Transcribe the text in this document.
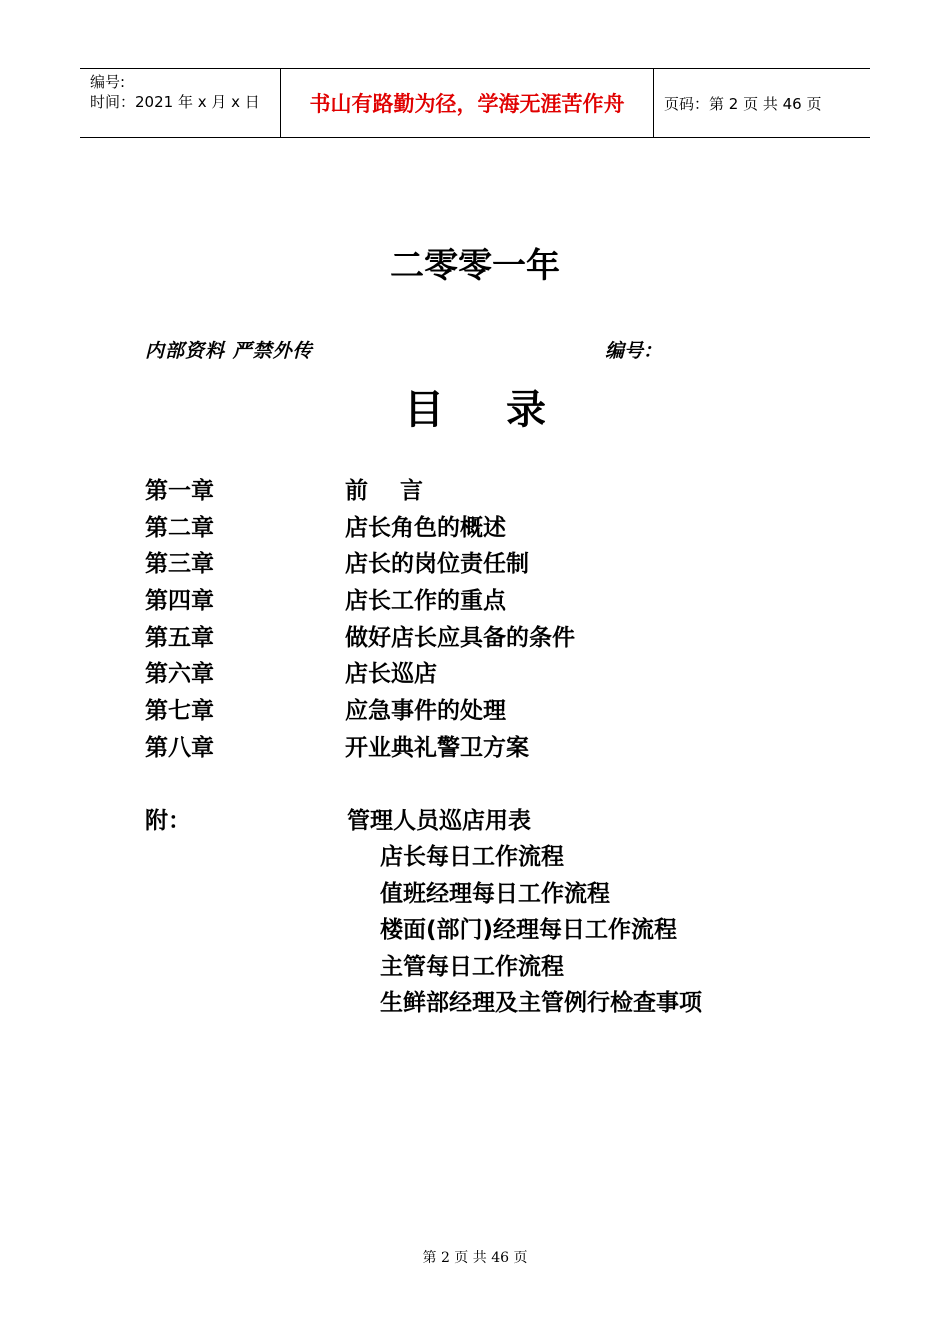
编号:
时间：2021 年 x 月 x 日	书山有路勤为径，学海无涯苦作舟	页码：第 2 页 共 46 页
二零零一年
内部资料 严禁外传	编号：
目录
第一章	前    言
第二章	店长角色的概述
第三章	店长的岗位责任制
第四章	店长工作的重点
第五章	做好店长应具备的条件
第六章	店长巡店
第七章	应急事件的处理
第八章	开业典礼警卫方案
附：	管理人员巡店用表
店长每日工作流程
值班经理每日工作流程
楼面(部门)经理每日工作流程
主管每日工作流程
生鲜部经理及主管例行检查事项
第 2 页 共 46 页
